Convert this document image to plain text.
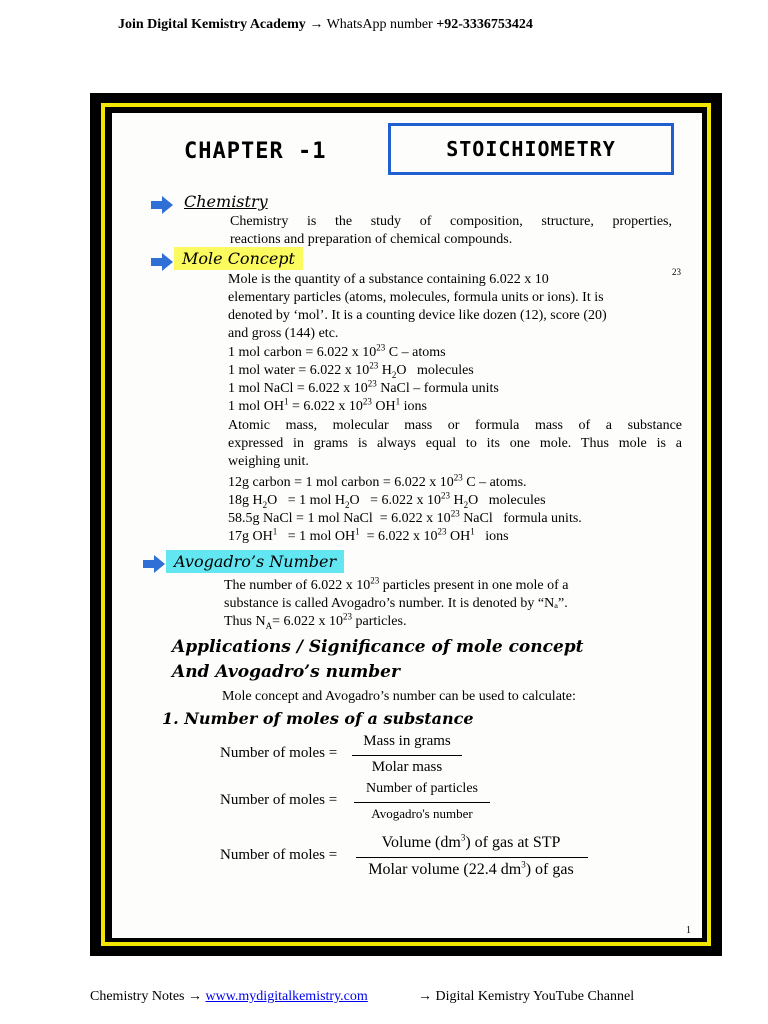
Join Digital Kemistry Academy → WhatsApp number +92-3336753424
CHAPTER -1	STOICHIOMETRY
Chemistry
Chemistry is the study of composition, structure, properties,
reactions and preparation of chemical compounds.
Mole Concept
Mole is the quantity of a substance containing 6.022 x 10
elementary particles (atoms, molecules, formula units or ions). It is
denoted by ‘mol’. It is a counting device like dozen (12), score (20)
and gross (144) etc.
23
1 mol carbon = 6.022 x $10^{23}$ C – atoms
1 mol water = 6.022 x $10^{23}$ $H_2O$   molecules
1 mol NaCl = 6.022 x $10^{23}$ NaCl – formula units
1 mol $OH^1 = 6.022$ x $10^{23}$ $OH^1$ ions
Atomic mass, molecular mass or formula mass of a substance
expressed in grams is always equal to its one mole. Thus mole is a
weighing unit.
12g carbon = 1 mol carbon = 6.022 x $10^{23}$ C – atoms.
18g $H_2O = 1$ mol $H_2O = 6.022$ x $10^{23}$ $H_2O$   molecules
58.5g NaCl = 1 mol NaCl  = 6.022 x $10^{23}$ NaCl   formula units.
17g $OH^1 = 1$ mol $OH^1 = 6.022$ x $10^{23}$ $OH^1$   ions
Avogadro’s Number
The number of 6.022 x $10^{23}$ particles present in one mole of a
substance is called Avogadro’s number. It is denoted by “Nₐ”.
Thus $N_A= 6.022$ x $10^{23}$ particles.
Applications / Significance of mole concept
And Avogadro’s number
Mole concept and Avogadro’s number can be used to calculate:
1. Number of moles of a substance
Number of moles =
Mass in grams
Molar mass
Number of moles =
Number of particles
Avogadro's number
Number of moles =
Volume $(dm^3)$ of gas at STP
Molar volume (22.4 $dm^3$) of gas
1
Chemistry Notes → www.mydigitalkemistry.com	→ Digital Kemistry YouTube Channel
